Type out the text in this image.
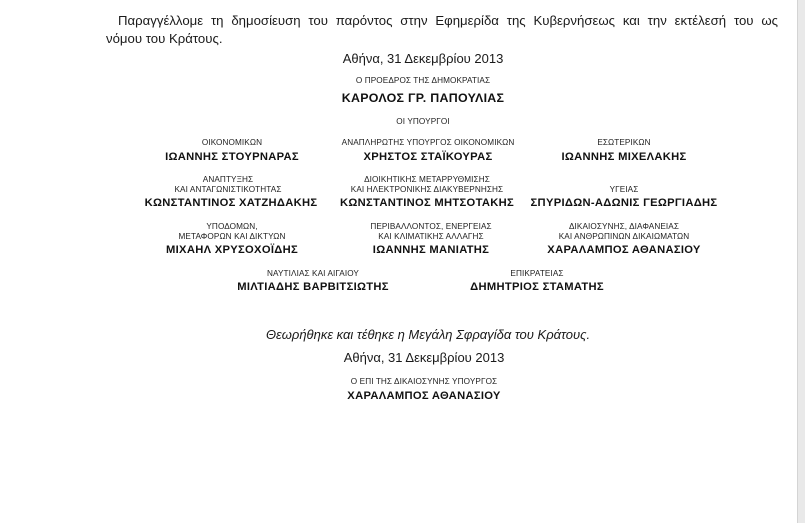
Παραγγέλλομε τη δημοσίευση του παρόντος στην Εφημερίδα της Κυβερνήσεως και την εκτέλεσή του ως
νόμου του Κράτους.
Αθήνα, 31 Δεκεμβρίου 2013
Ο ΠΡΟΕΔΡΟΣ ΤΗΣ ΔΗΜΟΚΡΑΤΙΑΣ
ΚΑΡΟΛΟΣ ΓΡ. ΠΑΠΟΥΛΙΑΣ
ΟΙ ΥΠΟΥΡΓΟΙ
ΟΙΚΟΝΟΜΙΚΩΝ
ΙΩΑΝΝΗΣ ΣΤΟΥΡΝΑΡΑΣ
ΑΝΑΠΛΗΡΩΤΗΣ ΥΠΟΥΡΓΟΣ ΟΙΚΟΝΟΜΙΚΩΝ
ΧΡΗΣΤΟΣ ΣΤΑΪΚΟΥΡΑΣ
ΕΣΩΤΕΡΙΚΩΝ
ΙΩΑΝΝΗΣ ΜΙΧΕΛΑΚΗΣ
ΑΝΑΠΤΥΞΗΣ
ΚΑΙ ΑΝΤΑΓΩΝΙΣΤΙΚΟΤΗΤΑΣ
ΚΩΝΣΤΑΝΤΙΝΟΣ ΧΑΤΖΗΔΑΚΗΣ
ΔΙΟΙΚΗΤΙΚΗΣ ΜΕΤΑΡΡΥΘΜΙΣΗΣ
ΚΑΙ ΗΛΕΚΤΡΟΝΙΚΗΣ ΔΙΑΚΥΒΕΡΝΗΣΗΣ
ΚΩΝΣΤΑΝΤΙΝΟΣ ΜΗΤΣΟΤΑΚΗΣ
ΥΓΕΙΑΣ
ΣΠΥΡΙΔΩΝ-ΑΔΩΝΙΣ ΓΕΩΡΓΙΑΔΗΣ
ΥΠΟΔΟΜΩΝ,
ΜΕΤΑΦΟΡΩΝ ΚΑΙ ΔΙΚΤΥΩΝ
ΜΙΧΑΗΛ ΧΡΥΣΟΧΟΪΔΗΣ
ΠΕΡΙΒΑΛΛΟΝΤΟΣ, ΕΝΕΡΓΕΙΑΣ
ΚΑΙ ΚΛΙΜΑΤΙΚΗΣ ΑΛΛΑΓΗΣ
ΙΩΑΝΝΗΣ ΜΑΝΙΑΤΗΣ
ΔΙΚΑΙΟΣΥΝΗΣ, ΔΙΑΦΑΝΕΙΑΣ
ΚΑΙ ΑΝΘΡΩΠΙΝΩΝ ΔΙΚΑΙΩΜΑΤΩΝ
ΧΑΡΑΛΑΜΠΟΣ ΑΘΑΝΑΣΙΟΥ
ΝΑΥΤΙΛΙΑΣ ΚΑΙ ΑΙΓΑΙΟΥ
ΜΙΛΤΙΑΔΗΣ ΒΑΡΒΙΤΣΙΩΤΗΣ
ΕΠΙΚΡΑΤΕΙΑΣ
ΔΗΜΗΤΡΙΟΣ ΣΤΑΜΑΤΗΣ
Θεωρήθηκε και τέθηκε η Μεγάλη Σφραγίδα του Κράτους.
Αθήνα, 31 Δεκεμβρίου 2013
Ο ΕΠΙ ΤΗΣ ΔΙΚΑΙΟΣΥΝΗΣ ΥΠΟΥΡΓΟΣ
ΧΑΡΑΛΑΜΠΟΣ ΑΘΑΝΑΣΙΟΥ
